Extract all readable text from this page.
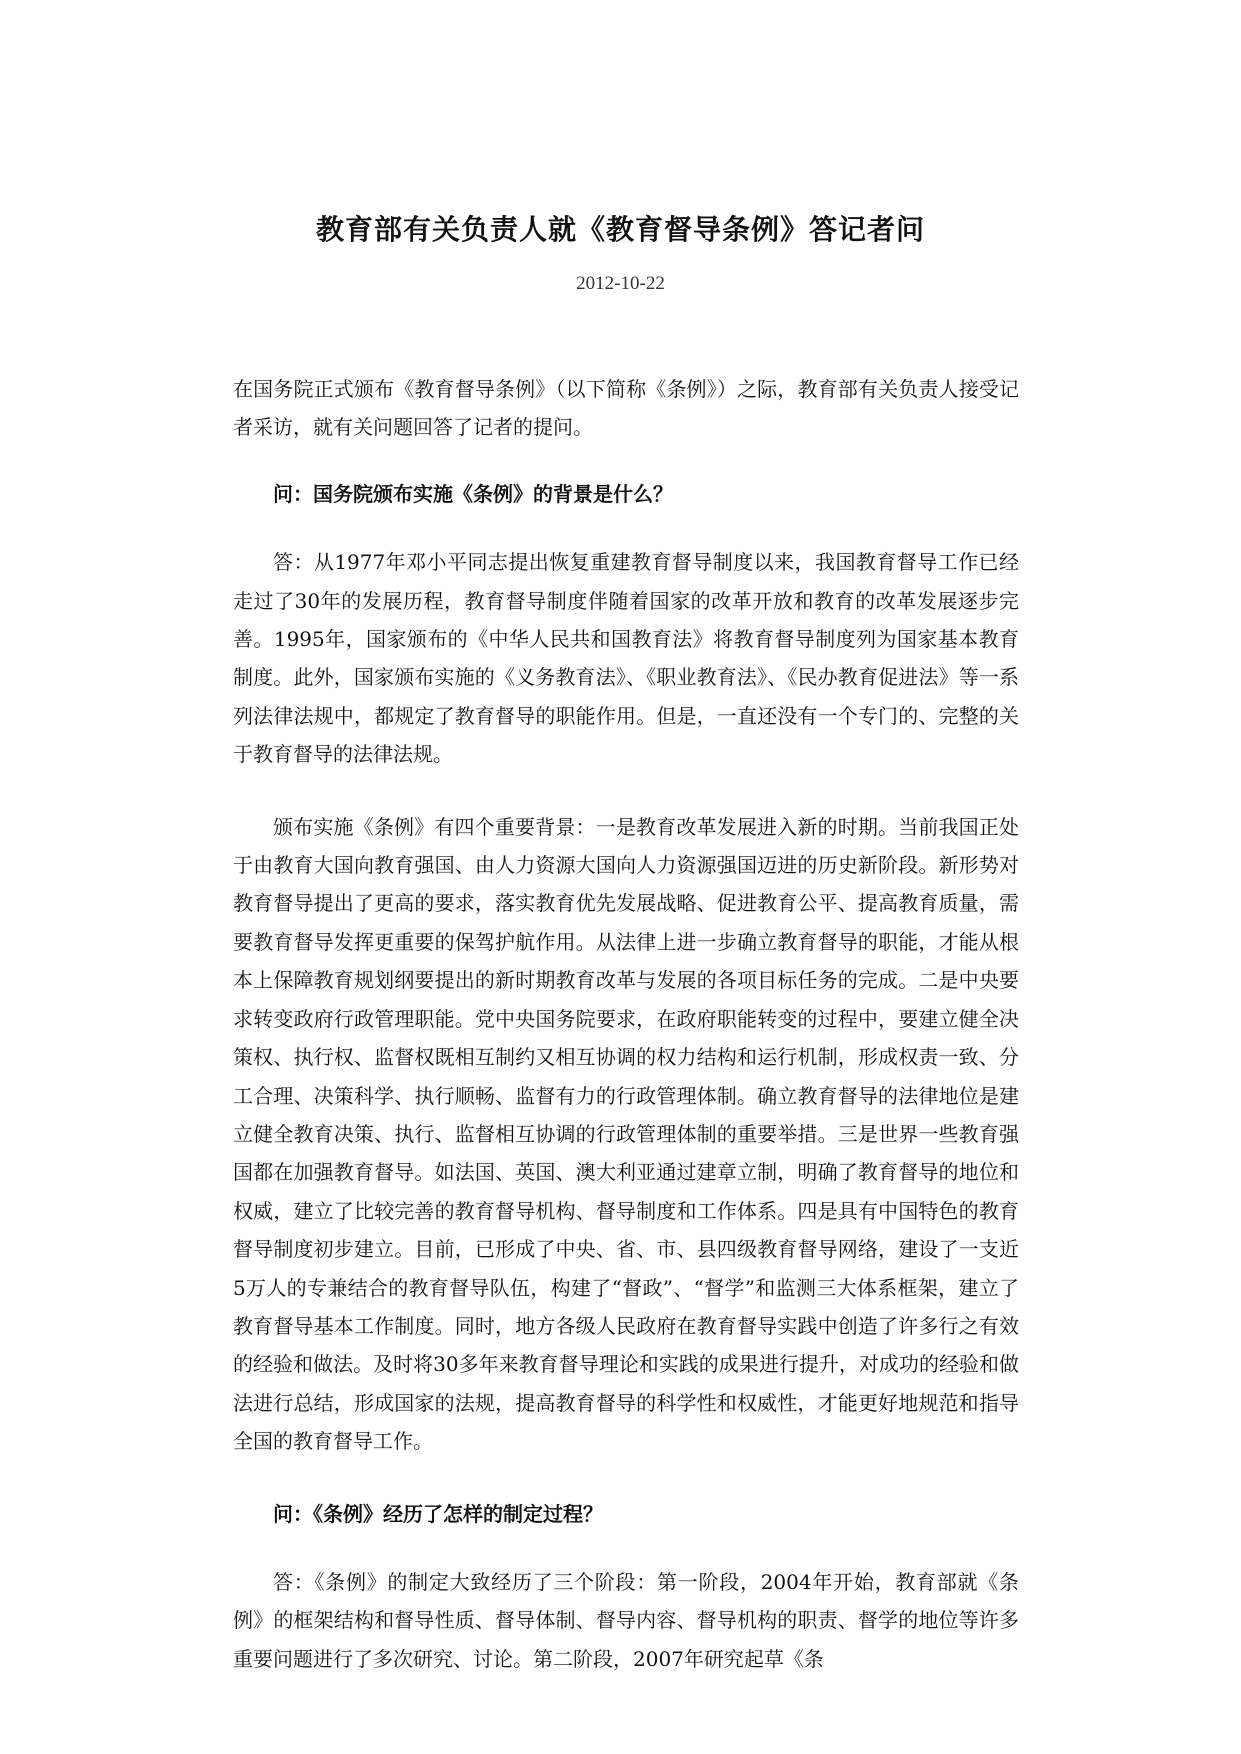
教育部有关负责人就《教育督导条例》答记者问
2012-10-22

在国务院正式颁布《教育督导条例》（以下简称《条例》）之际，教育部有关负责人接受记者采访，就有关问题回答了记者的提问。

问：国务院颁布实施《条例》的背景是什么？

答：从1977年邓小平同志提出恢复重建教育督导制度以来，我国教育督导工作已经走过了30年的发展历程，教育督导制度伴随着国家的改革开放和教育的改革发展逐步完善。1995年，国家颁布的《中华人民共和国教育法》将教育督导制度列为国家基本教育制度。此外，国家颁布实施的《义务教育法》、《职业教育法》、《民办教育促进法》等一系列法律法规中，都规定了教育督导的职能作用。但是，一直还没有一个专门的、完整的关于教育督导的法律法规。

颁布实施《条例》有四个重要背景：一是教育改革发展进入新的时期。当前我国正处于由教育大国向教育强国、由人力资源大国向人力资源强国迈进的历史新阶段。新形势对教育督导提出了更高的要求，落实教育优先发展战略、促进教育公平、提高教育质量，需要教育督导发挥更重要的保驾护航作用。从法律上进一步确立教育督导的职能，才能从根本上保障教育规划纲要提出的新时期教育改革与发展的各项目标任务的完成。二是中央要求转变政府行政管理职能。党中央国务院要求，在政府职能转变的过程中，要建立健全决策权、执行权、监督权既相互制约又相互协调的权力结构和运行机制，形成权责一致、分工合理、决策科学、执行顺畅、监督有力的行政管理体制。确立教育督导的法律地位是建立健全教育决策、执行、监督相互协调的行政管理体制的重要举措。三是世界一些教育强国都在加强教育督导。如法国、英国、澳大利亚通过建章立制，明确了教育督导的地位和权威，建立了比较完善的教育督导机构、督导制度和工作体系。四是具有中国特色的教育督导制度初步建立。目前，已形成了中央、省、市、县四级教育督导网络，建设了一支近5万人的专兼结合的教育督导队伍，构建了“督政”、“督学”和监测三大体系框架，建立了教育督导基本工作制度。同时，地方各级人民政府在教育督导实践中创造了许多行之有效的经验和做法。及时将30多年来教育督导理论和实践的成果进行提升，对成功的经验和做法进行总结，形成国家的法规，提高教育督导的科学性和权威性，才能更好地规范和指导全国的教育督导工作。

问：《条例》经历了怎样的制定过程？

答：《条例》的制定大致经历了三个阶段：第一阶段，2004年开始，教育部就《条例》的框架结构和督导性质、督导体制、督导内容、督导机构的职责、督学的地位等许多重要问题进行了多次研究、讨论。第二阶段，2007年研究起草《条
